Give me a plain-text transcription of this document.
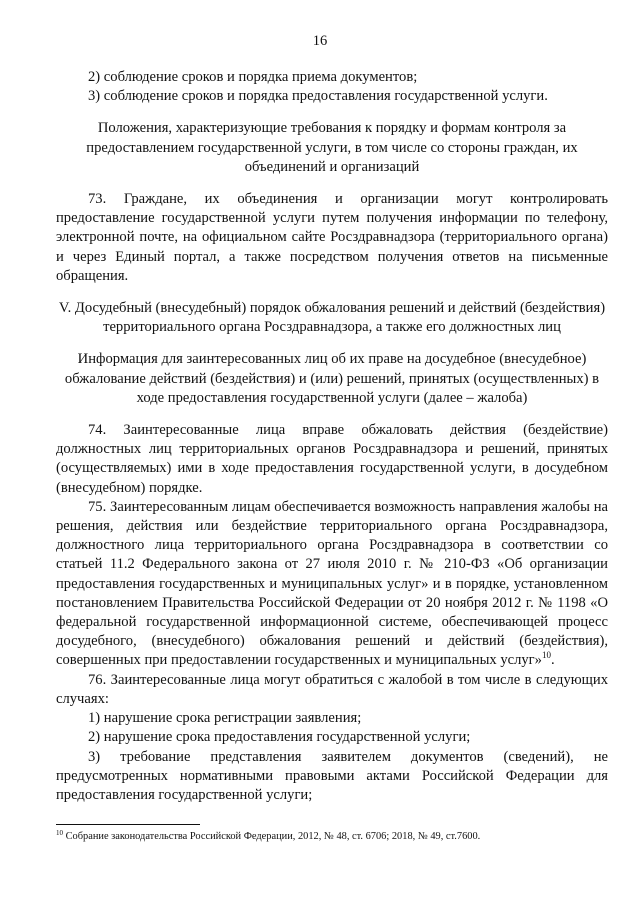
16

2) соблюдение сроков и порядка приема документов;

3) соблюдение сроков и порядка предоставления государственной услуги.

Положения, характеризующие требования к порядку и формам контроля за предоставлением государственной услуги, в том числе со стороны граждан, их объединений и организаций

73. Граждане, их объединения и организации могут контролировать предоставление государственной услуги путем получения информации по телефону, электронной почте, на официальном сайте Росздравнадзора (территориального органа) и через Единый портал, а также посредством получения ответов на письменные обращения.

V. Досудебный (внесудебный) порядок обжалования решений и действий (бездействия) территориального органа Росздравнадзора, а также его должностных лиц

Информация для заинтересованных лиц об их праве на досудебное (внесудебное) обжалование действий (бездействия) и (или) решений, принятых (осуществленных) в ходе предоставления государственной услуги (далее – жалоба)

74. Заинтересованные лица вправе обжаловать действия (бездействие) должностных лиц территориальных органов Росздравнадзора и решений, принятых (осуществляемых) ими в ходе предоставления государственной услуги, в досудебном (внесудебном) порядке.

75. Заинтересованным лицам обеспечивается возможность направления жалобы на решения, действия или бездействие территориального органа Росздравнадзора, должностного лица территориального органа Росздравнадзора в соответствии со статьей 11.2 Федерального закона от 27 июля 2010 г. № 210-ФЗ «Об организации предоставления государственных и муниципальных услуг» и в порядке, установленном постановлением Правительства Российской Федерации от 20 ноября 2012 г. № 1198 «О федеральной государственной информационной системе, обеспечивающей процесс досудебного, (внесудебного) обжалования решений и действий (бездействия), совершенных при предоставлении государственных и муниципальных услуг»$^{10}$.

76. Заинтересованные лица могут обратиться с жалобой в том числе в следующих случаях:

1) нарушение срока регистрации заявления;

2) нарушение срока предоставления государственной услуги;

3) требование представления заявителем документов (сведений), не предусмотренных нормативными правовыми актами Российской Федерации для предоставления государственной услуги;

$^{10}$ Собрание законодательства Российской Федерации, 2012, № 48, ст. 6706; 2018, № 49, ст.7600.
